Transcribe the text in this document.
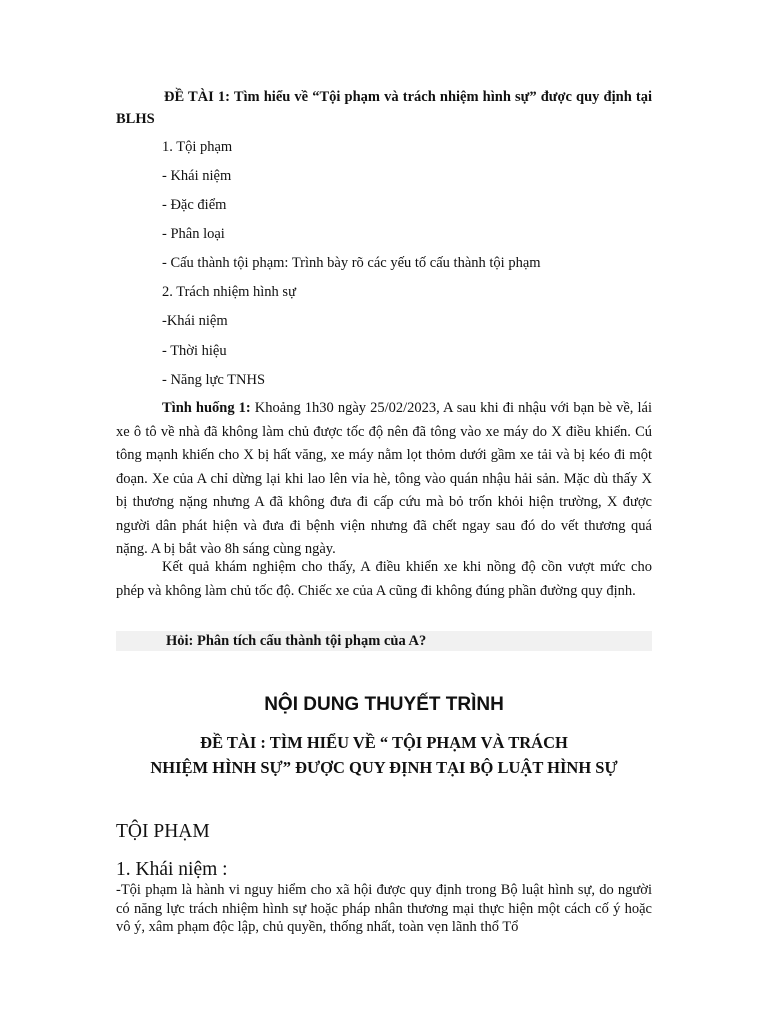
ĐỀ TÀI 1: Tìm hiểu về “Tội phạm và trách nhiệm hình sự” được quy định tại BLHS
1. Tội phạm
- Khái niệm
- Đặc điểm
- Phân loại
- Cấu thành tội phạm: Trình bày rõ các yếu tố cấu thành tội phạm
2. Trách nhiệm hình sự
-Khái niệm
- Thời hiệu
- Năng lực TNHS
Tình huống 1: Khoảng 1h30 ngày 25/02/2023, A sau khi đi nhậu với bạn bè về, lái xe ô tô về nhà đã không làm chủ được tốc độ nên đã tông vào xe máy do X điều khiển. Cú tông mạnh khiến cho X bị hất văng, xe máy nằm lọt thỏm dưới gầm xe tải và bị kéo đi một đoạn. Xe của A chỉ dừng lại khi lao lên vỉa hè, tông vào quán nhậu hải sản. Mặc dù thấy X bị thương nặng nhưng A đã không đưa đi cấp cứu mà bỏ trốn khỏi hiện trường, X được người dân phát hiện và đưa đi bệnh viện nhưng đã chết ngay sau đó do vết thương quá nặng. A bị bắt vào 8h sáng cùng ngày.
Kết quả khám nghiệm cho thấy, A điều khiển xe khi nồng độ cồn vượt mức cho phép và không làm chủ tốc độ. Chiếc xe của A cũng đi không đúng phần đường quy định.
Hỏi: Phân tích cấu thành tội phạm của A?
NỘI DUNG THUYẾT TRÌNH
ĐỀ TÀI : TÌM HIỂU VỀ “ TỘI PHẠM VÀ TRÁCH
NHIỆM HÌNH SỰ” ĐƯỢC QUY ĐỊNH TẠI BỘ LUẬT HÌNH SỰ
TỘI PHẠM
1. Khái niệm :
-Tội phạm là hành vi nguy hiểm cho xã hội được quy định trong Bộ luật hình sự, do người có năng lực trách nhiệm hình sự hoặc pháp nhân thương mại thực hiện một cách cố ý hoặc vô ý, xâm phạm độc lập, chủ quyền, thống nhất, toàn vẹn lãnh thổ Tổ
